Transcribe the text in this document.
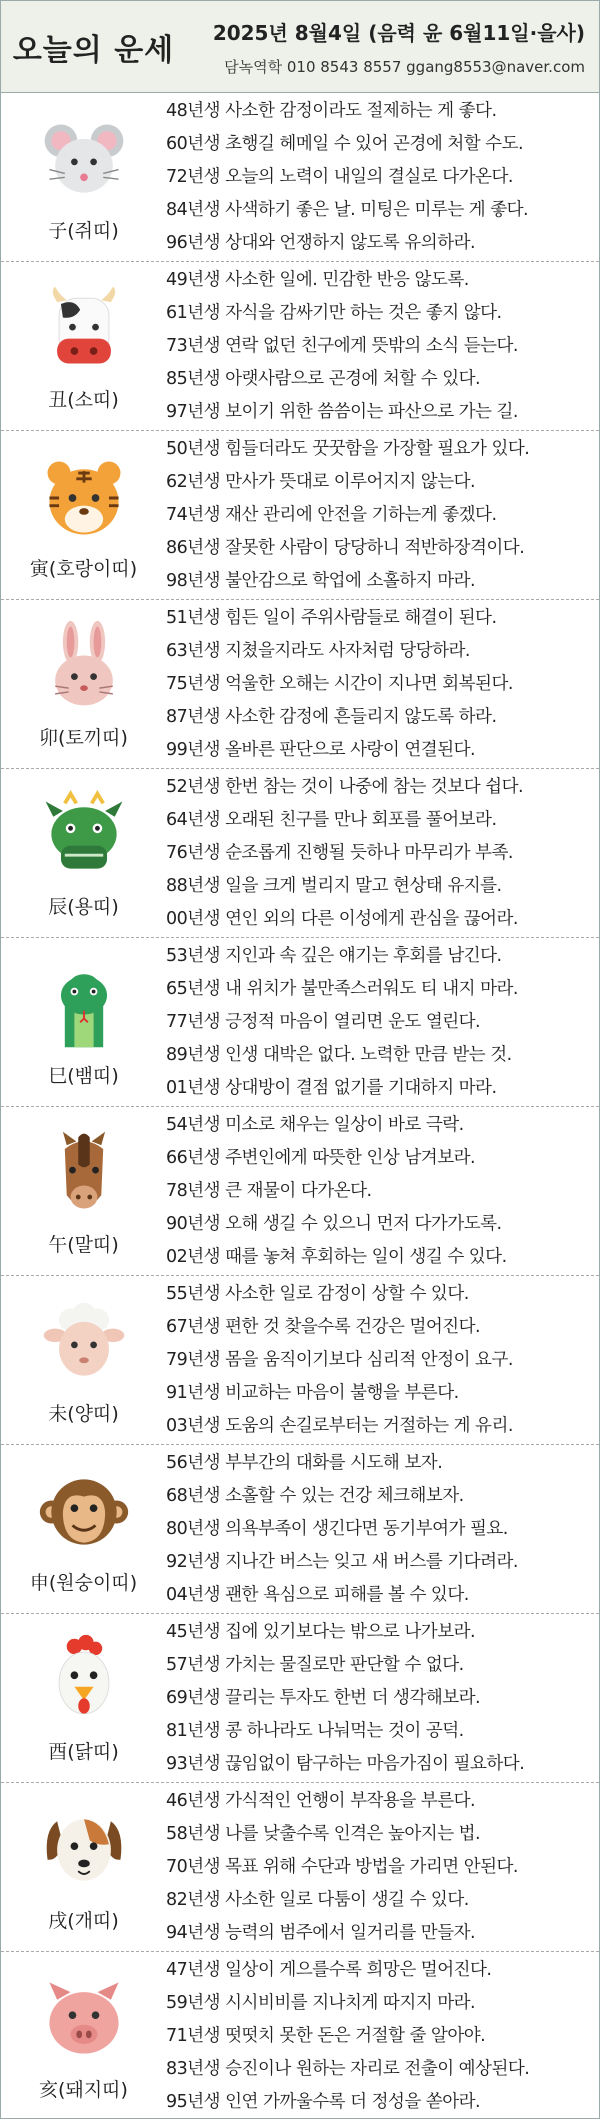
오늘의 운세	2025년 8월4일 (음력 윤 6월11일·을사)
담녹역학 010 8543 8557 ggang8553@naver.com
子(쥐띠)
48년생 사소한 감정이라도 절제하는 게 좋다.
60년생 초행길 헤메일 수 있어 곤경에 처할 수도.
72년생 오늘의 노력이 내일의 결실로 다가온다.
84년생 사색하기 좋은 날. 미팅은 미루는 게 좋다.
96년생 상대와 언쟁하지 않도록 유의하라.
丑(소띠)
49년생 사소한 일에. 민감한 반응 않도록.
61년생 자식을 감싸기만 하는 것은 좋지 않다.
73년생 연락 없던 친구에게 뜻밖의 소식 듣는다.
85년생 아랫사람으로 곤경에 처할 수 있다.
97년생 보이기 위한 씀씀이는 파산으로 가는 길.
寅(호랑이띠)
50년생 힘들더라도 꿋꿋함을 가장할 필요가 있다.
62년생 만사가 뜻대로 이루어지지 않는다.
74년생 재산 관리에 안전을 기하는게 좋겠다.
86년생 잘못한 사람이 당당하니 적반하장격이다.
98년생 불안감으로 학업에 소홀하지 마라.
卯(토끼띠)
51년생 힘든 일이 주위사람들로 해결이 된다.
63년생 지쳤을지라도 사자처럼 당당하라.
75년생 억울한 오해는 시간이 지나면 회복된다.
87년생 사소한 감정에 흔들리지 않도록 하라.
99년생 올바른 판단으로 사랑이 연결된다.
辰(용띠)
52년생 한번 참는 것이 나중에 참는 것보다 쉽다.
64년생 오래된 친구를 만나 회포를 풀어보라.
76년생 순조롭게 진행될 듯하나 마무리가 부족.
88년생 일을 크게 벌리지 말고 현상태 유지를.
00년생 연인 외의 다른 이성에게 관심을 끊어라.
巳(뱀띠)
53년생 지인과 속 깊은 얘기는 후회를 남긴다.
65년생 내 위치가 불만족스러워도 티 내지 마라.
77년생 긍정적 마음이 열리면 운도 열린다.
89년생 인생 대박은 없다. 노력한 만큼 받는 것.
01년생 상대방이 결점 없기를 기대하지 마라.
午(말띠)
54년생 미소로 채우는 일상이 바로 극락.
66년생 주변인에게 따뜻한 인상 남겨보라.
78년생 큰 재물이 다가온다.
90년생 오해 생길 수 있으니 먼저 다가가도록.
02년생 때를 놓쳐 후회하는 일이 생길 수 있다.
未(양띠)
55년생 사소한 일로 감정이 상할 수 있다.
67년생 편한 것 찾을수록 건강은 멀어진다.
79년생 몸을 움직이기보다 심리적 안정이 요구.
91년생 비교하는 마음이 불행을 부른다.
03년생 도움의 손길로부터는 거절하는 게 유리.
申(원숭이띠)
56년생 부부간의 대화를 시도해 보자.
68년생 소홀할 수 있는 건강 체크해보자.
80년생 의욕부족이 생긴다면 동기부여가 필요.
92년생 지나간 버스는 잊고 새 버스를 기다려라.
04년생 괜한 욕심으로 피해를 볼 수 있다.
酉(닭띠)
45년생 집에 있기보다는 밖으로 나가보라.
57년생 가치는 물질로만 판단할 수 없다.
69년생 끌리는 투자도 한번 더 생각해보라.
81년생 콩 하나라도 나눠먹는 것이 공덕.
93년생 끊임없이 탐구하는 마음가짐이 필요하다.
戌(개띠)
46년생 가식적인 언행이 부작용을 부른다.
58년생 나를 낮출수록 인격은 높아지는 법.
70년생 목표 위해 수단과 방법을 가리면 안된다.
82년생 사소한 일로 다툼이 생길 수 있다.
94년생 능력의 범주에서 일거리를 만들자.
亥(돼지띠)
47년생 일상이 게으를수록 희망은 멀어진다.
59년생 시시비비를 지나치게 따지지 마라.
71년생 떳떳치 못한 돈은 거절할 줄 알아야.
83년생 승진이나 원하는 자리로 전출이 예상된다.
95년생 인연 가까울수록 더 정성을 쏟아라.
